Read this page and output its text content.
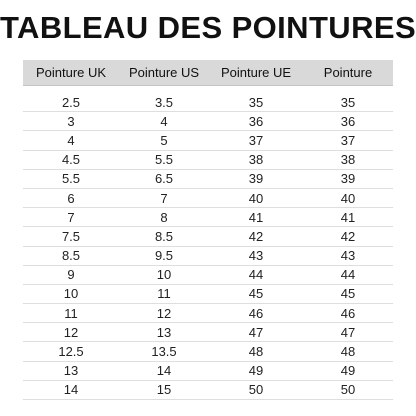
TABLEAU DES POINTURES
Pointure UK	Pointure US	Pointure UE	Pointure

2.5	3.5	35	35
3	4	36	36
4	5	37	37
4.5	5.5	38	38
5.5	6.5	39	39
6	7	40	40
7	8	41	41
7.5	8.5	42	42
8.5	9.5	43	43
9	10	44	44
10	11	45	45
11	12	46	46
12	13	47	47
12.5	13.5	48	48
13	14	49	49
14	15	50	50
